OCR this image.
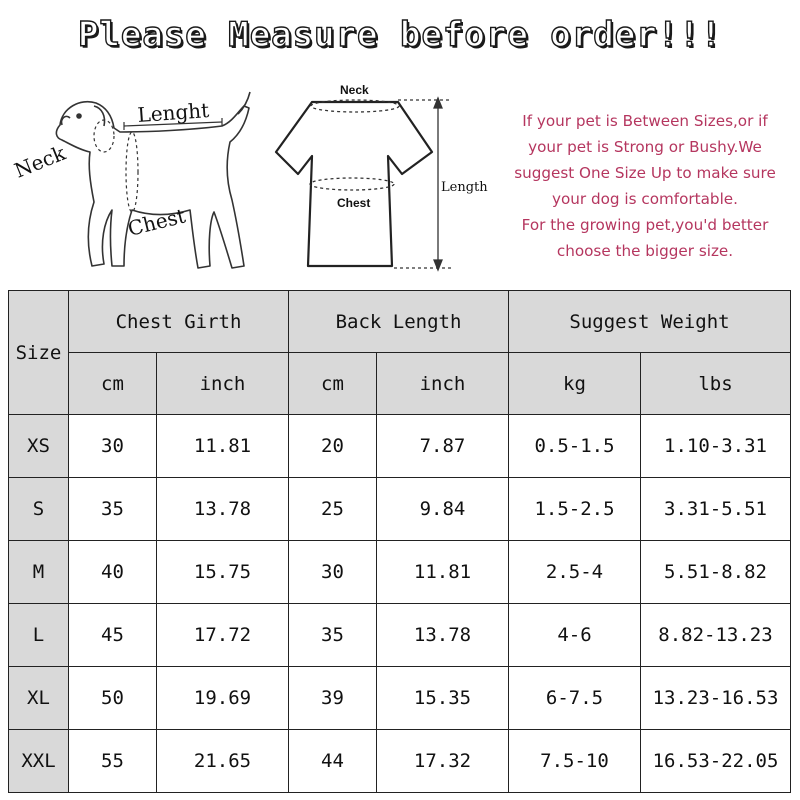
Please Measure before order!!!
Neck
Lenght
Chest
Neck
Chest
Length
If your pet is Between Sizes,or if
your pet is Strong or Bushy.We
suggest One Size Up to make sure
your dog is comfortable.
For the growing pet,you'd better
choose the bigger size.
Size	Chest Girth		Back Length		Suggest Weight	
	cm	inch	cm	inch	kg	lbs
XS	30	11.81	20	7.87	0.5-1.5	1.10-3.31
S	35	13.78	25	9.84	1.5-2.5	3.31-5.51
M	40	15.75	30	11.81	2.5-4	5.51-8.82
L	45	17.72	35	13.78	4-6	8.82-13.23
XL	50	19.69	39	15.35	6-7.5	13.23-16.53
XXL	55	21.65	44	17.32	7.5-10	16.53-22.05
